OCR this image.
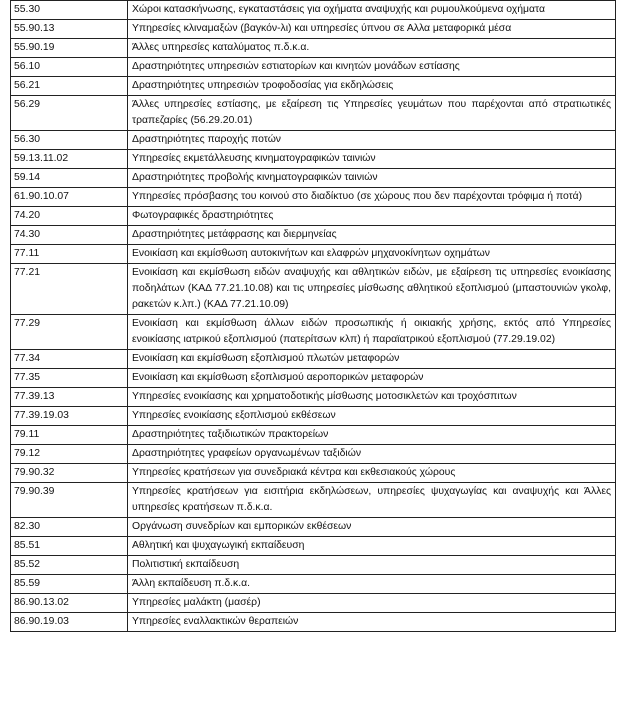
55.30	Χώροι κατασκήνωσης, εγκαταστάσεις για οχήματα αναψυχής και ρυμουλκούμενα οχήματα
55.90.13	Υπηρεσίες κλιναμαξών (βαγκόν-λι) και υπηρεσίες ύπνου σε Αλλα μεταφορικά μέσα
55.90.19	Άλλες υπηρεσίες καταλύματος π.δ.κ.α.
56.10	Δραστηριότητες υπηρεσιών εστιατορίων και κινητών μονάδων εστίασης
56.21	Δραστηριότητες υπηρεσιών τροφοδοσίας για εκδηλώσεις
56.29	Άλλες υπηρεσίες εστίασης, με εξαίρεση τις Υπηρεσίες γευμάτων που παρέχονται από στρατιωτικές τραπεζαρίες (56.29.20.01)
56.30	Δραστηριότητες παροχής ποτών
59.13.11.02	Υπηρεσίες εκμετάλλευσης κινηματογραφικών ταινιών
59.14	Δραστηριότητες προβολής κινηματογραφικών ταινιών
61.90.10.07	Υπηρεσίες πρόσβασης του κοινού στο διαδίκτυο (σε χώρους που δεν παρέχονται τρόφιμα ή ποτά)
74.20	Φωτογραφικές δραστηριότητες
74.30	Δραστηριότητες μετάφρασης και διερμηνείας
77.11	Ενοικίαση και εκμίσθωση αυτοκινήτων και ελαφρών μηχανοκίνητων οχημάτων
77.21	Ενοικίαση και εκμίσθωση ειδών αναψυχής και αθλητικών ειδών, με εξαίρεση τις υπηρεσίες ενοικίασης ποδηλάτων (ΚΑΔ 77.21.10.08) και τις υπηρεσίες μίσθωσης αθλητικού εξοπλισμού (μπαστουνιών γκολφ, ρακετών κ.λπ.) (ΚΑΔ 77.21.10.09)
77.29	Ενοικίαση και εκμίσθωση άλλων ειδών προσωπικής ή οικιακής χρήσης, εκτός από Υπηρεσίες ενοικίασης ιατρικού εξοπλισμού (πατερίτσων κλπ) ή παραϊατρικού εξοπλισμού (77.29.19.02)
77.34	Ενοικίαση και εκμίσθωση εξοπλισμού πλωτών μεταφορών
77.35	Ενοικίαση και εκμίσθωση εξοπλισμού αεροπορικών μεταφορών
77.39.13	Υπηρεσίες ενοικίασης και χρηματοδοτικής μίσθωσης μοτοσικλετών και τροχόσπιτων
77.39.19.03	Υπηρεσίες ενοικίασης εξοπλισμού εκθέσεων
79.11	Δραστηριότητες ταξιδιωτικών πρακτορείων
79.12	Δραστηριότητες γραφείων οργανωμένων ταξιδιών
79.90.32	Υπηρεσίες κρατήσεων για συνεδριακά κέντρα και εκθεσιακούς χώρους
79.90.39	Υπηρεσίες κρατήσεων για εισιτήρια εκδηλώσεων, υπηρεσίες ψυχαγωγίας και αναψυχής και Άλλες υπηρεσίες κρατήσεων π.δ.κ.α.
82.30	Οργάνωση συνεδρίων και εμπορικών εκθέσεων
85.51	Αθλητική και ψυχαγωγική εκπαίδευση
85.52	Πολιτιστική εκπαίδευση
85.59	Άλλη εκπαίδευση π.δ.κ.α.
86.90.13.02	Υπηρεσίες μαλάκτη (μασέρ)
86.90.19.03	Υπηρεσίες εναλλακτικών θεραπειών
